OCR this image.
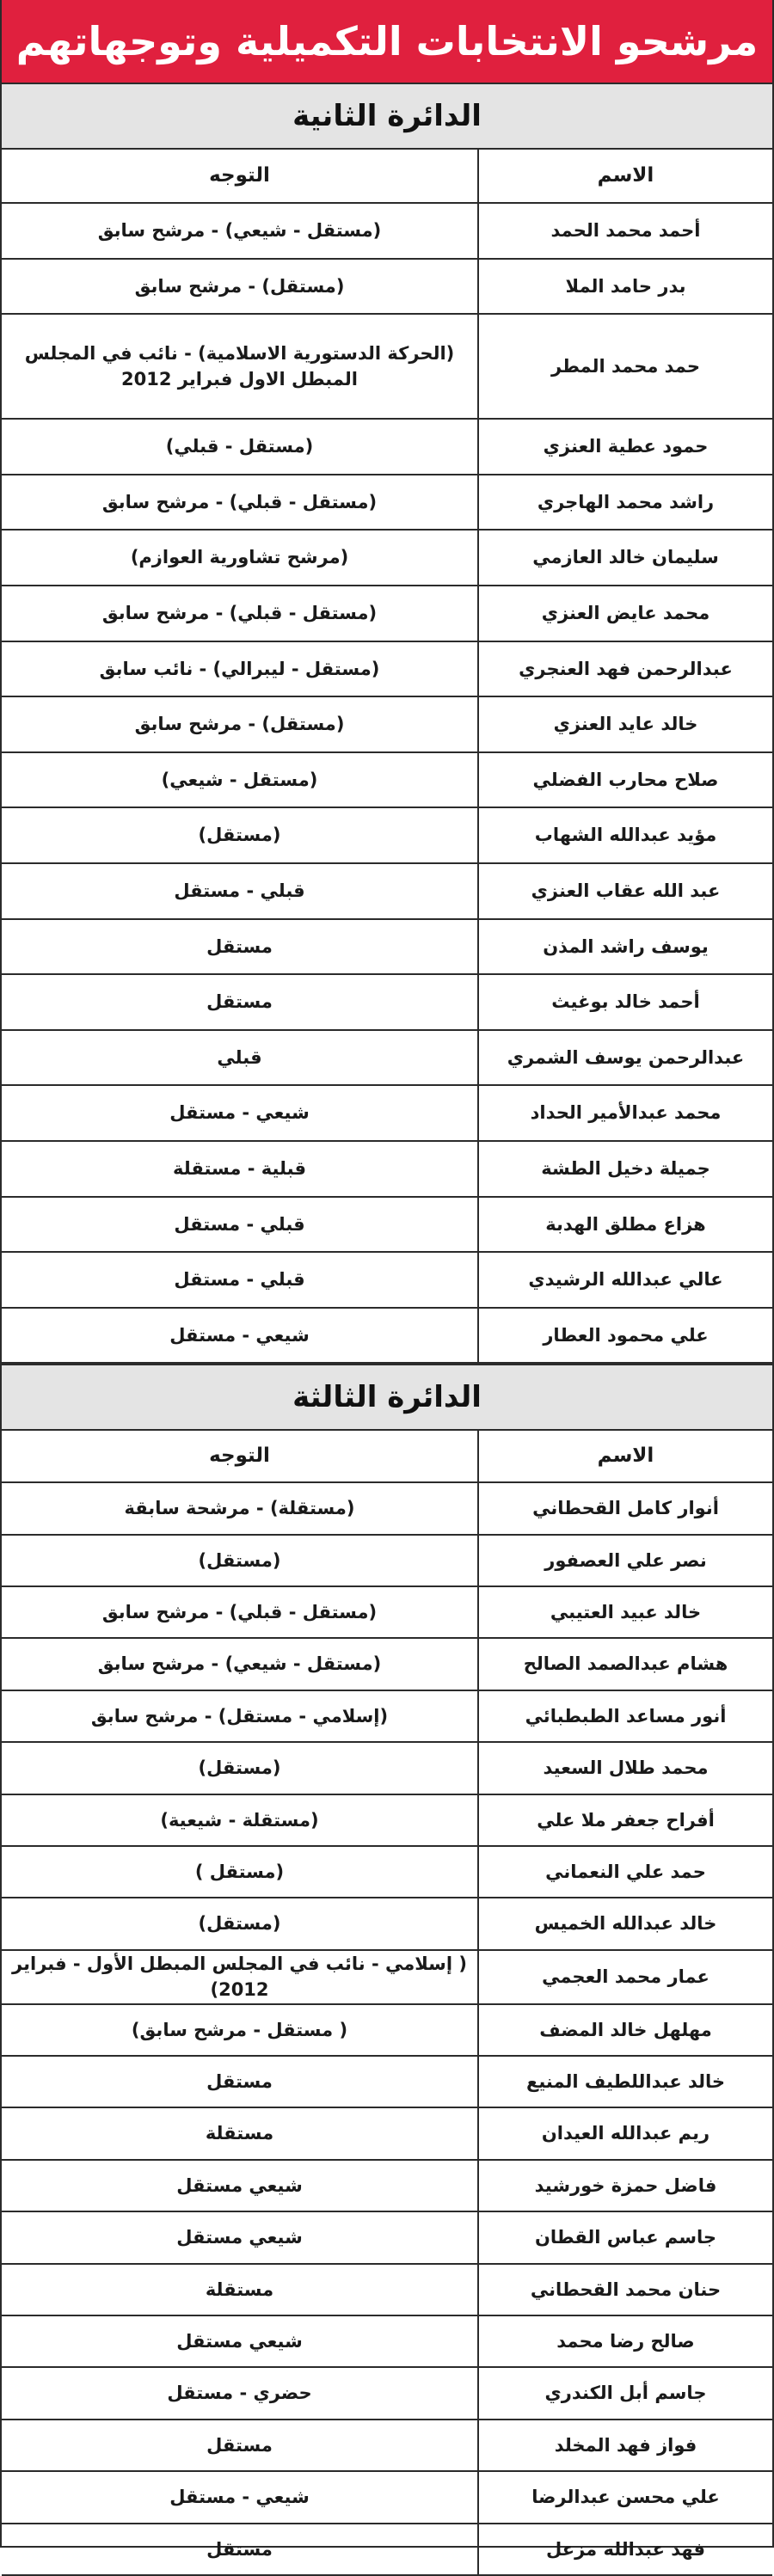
مرشحو الانتخابات التكميلية وتوجهاتهم
الدائرة الثانية
الاسم	التوجه
أحمد محمد الحمد	(مستقل - شيعي) - مرشح سابق
بدر حامد الملا	(مستقل) - مرشح سابق
حمد محمد المطر	(الحركة الدستورية الاسلامية) - نائب في المجلس المبطل الاول فبراير 2012
حمود عطية العنزي	(مستقل - قبلي)
راشد محمد الهاجري	(مستقل - قبلي) - مرشح سابق
سليمان خالد العازمي	(مرشح تشاورية العوازم)
محمد عايض العنزي	(مستقل - قبلي) - مرشح سابق
عبدالرحمن فهد العنجري	(مستقل - ليبرالي) - نائب سابق
خالد عايد العنزي	(مستقل) - مرشح سابق
صلاح محارب الفضلي	(مستقل - شيعي)
مؤيد عبدالله الشهاب	(مستقل)
عبد الله عقاب العنزي	قبلي - مستقل
يوسف راشد المذن	مستقل
أحمد خالد بوغيث	مستقل
عبدالرحمن يوسف الشمري	قبلي
محمد عبدالأمير الحداد	شيعي - مستقل
جميلة دخيل الطشة	قبلية - مستقلة
هزاع مطلق الهدبة	قبلي - مستقل
عالي عبدالله الرشيدي	قبلي - مستقل
علي محمود العطار	شيعي - مستقل
الدائرة الثالثة
الاسم	التوجه
أنوار كامل القحطاني	(مستقلة) - مرشحة سابقة
نصر علي العصفور	(مستقل)
خالد عبيد العتيبي	(مستقل - قبلي) - مرشح سابق
هشام عبدالصمد الصالح	(مستقل - شيعي) - مرشح سابق
أنور مساعد الطبطبائي	(إسلامي - مستقل) - مرشح سابق
محمد طلال السعيد	(مستقل)
أفراح جعفر ملا علي	(مستقلة - شيعية)
حمد علي النعماني	(مستقل )
خالد عبدالله الخميس	(مستقل)
عمار محمد العجمي	( إسلامي - نائب في المجلس المبطل الأول - فبراير 2012)
مهلهل خالد المضف	( مستقل - مرشح سابق)
خالد عبداللطيف المنيع	مستقل
ريم عبدالله العيدان	مستقلة
فاضل حمزة خورشيد	شيعي مستقل
جاسم عباس القطان	شيعي مستقل
حنان محمد القحطاني	مستقلة
صالح رضا محمد	شيعي مستقل
جاسم أبل الكندري	حضري - مستقل
فواز فهد المخلد	مستقل
علي محسن عبدالرضا	شيعي - مستقل
فهد عبدالله مزعل	مستقل
